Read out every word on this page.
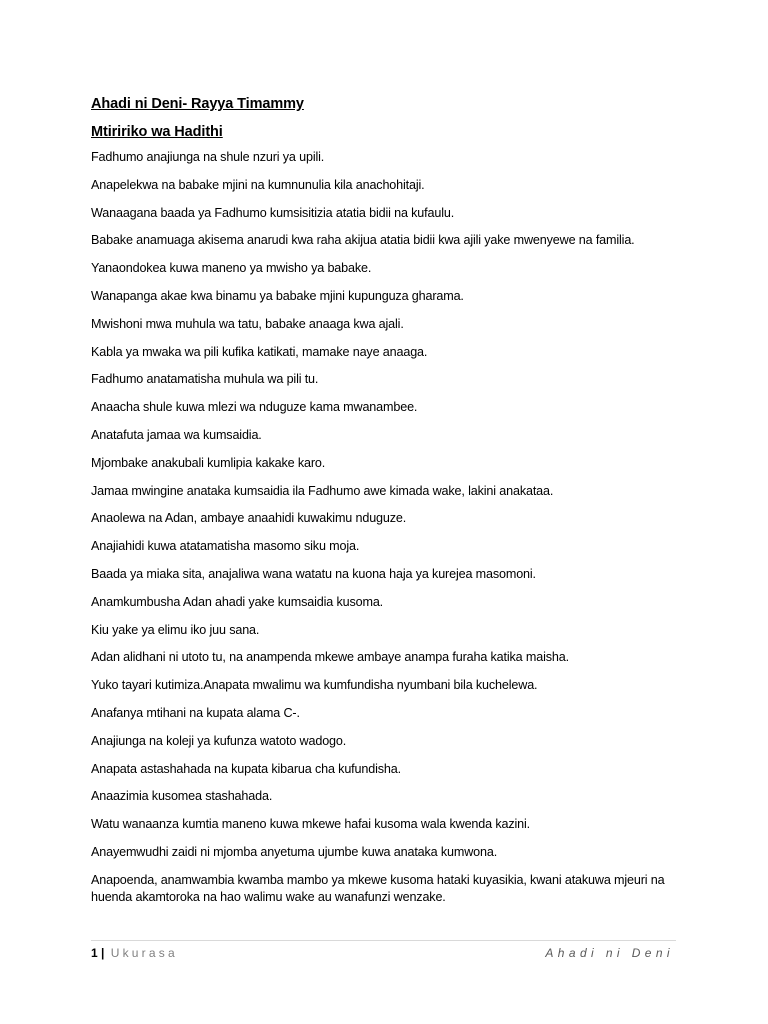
Ahadi ni Deni- Rayya Timammy

Mtiririko wa Hadithi

Fadhumo anajiunga na shule nzuri ya upili.
Anapelekwa na babake mjini na kumnunulia kila anachohitaji.
Wanaagana baada ya Fadhumo kumsisitizia atatia bidii na kufaulu.
Babake anamuaga akisema anarudi kwa raha akijua atatia bidii kwa ajili yake mwenyewe na familia.
Yanaondokea kuwa maneno ya mwisho ya babake.
Wanapanga akae kwa binamu ya babake mjini kupunguza gharama.
Mwishoni mwa muhula wa tatu, babake anaaga kwa ajali.
Kabla ya mwaka wa pili kufika katikati, mamake naye anaaga.
Fadhumo anatamatisha muhula wa pili tu.
Anaacha shule kuwa mlezi wa nduguze kama mwanambee.
Anatafuta jamaa wa kumsaidia.
Mjombake anakubali kumlipia kakake karo.
Jamaa mwingine anataka kumsaidia ila Fadhumo awe kimada wake, lakini anakataa.
Anaolewa na Adan, ambaye anaahidi kuwakimu nduguze.
Anajiahidi kuwa atatamatisha masomo siku moja.
Baada ya miaka sita, anajaliwa wana watatu na kuona haja ya kurejea masomoni.
Anamkumbusha Adan ahadi yake kumsaidia kusoma.
Kiu yake ya elimu iko juu sana.
Adan alidhani ni utoto tu, na anampenda mkewe ambaye anampa furaha katika maisha.
Yuko tayari kutimiza.Anapata mwalimu wa kumfundisha nyumbani bila kuchelewa.
Anafanya mtihani na kupata alama C-.
Anajiunga na koleji ya kufunza watoto wadogo.
Anapata astashahada na kupata kibarua cha kufundisha.
Anaazimia kusomea stashahada.
Watu wanaanza kumtia maneno kuwa mkewe hafai kusoma wala kwenda kazini.
Anayemwudhi zaidi ni mjomba anyetuma ujumbe kuwa anataka kumwona.
Anapoenda, anamwambia kwamba mambo ya mkewe kusoma hataki kuyasikia, kwani atakuwa mjeuri na huenda akamtoroka na hao walimu wake au wanafunzi wenzake.
1 | Ukurasa	Ahadi ni Deni
